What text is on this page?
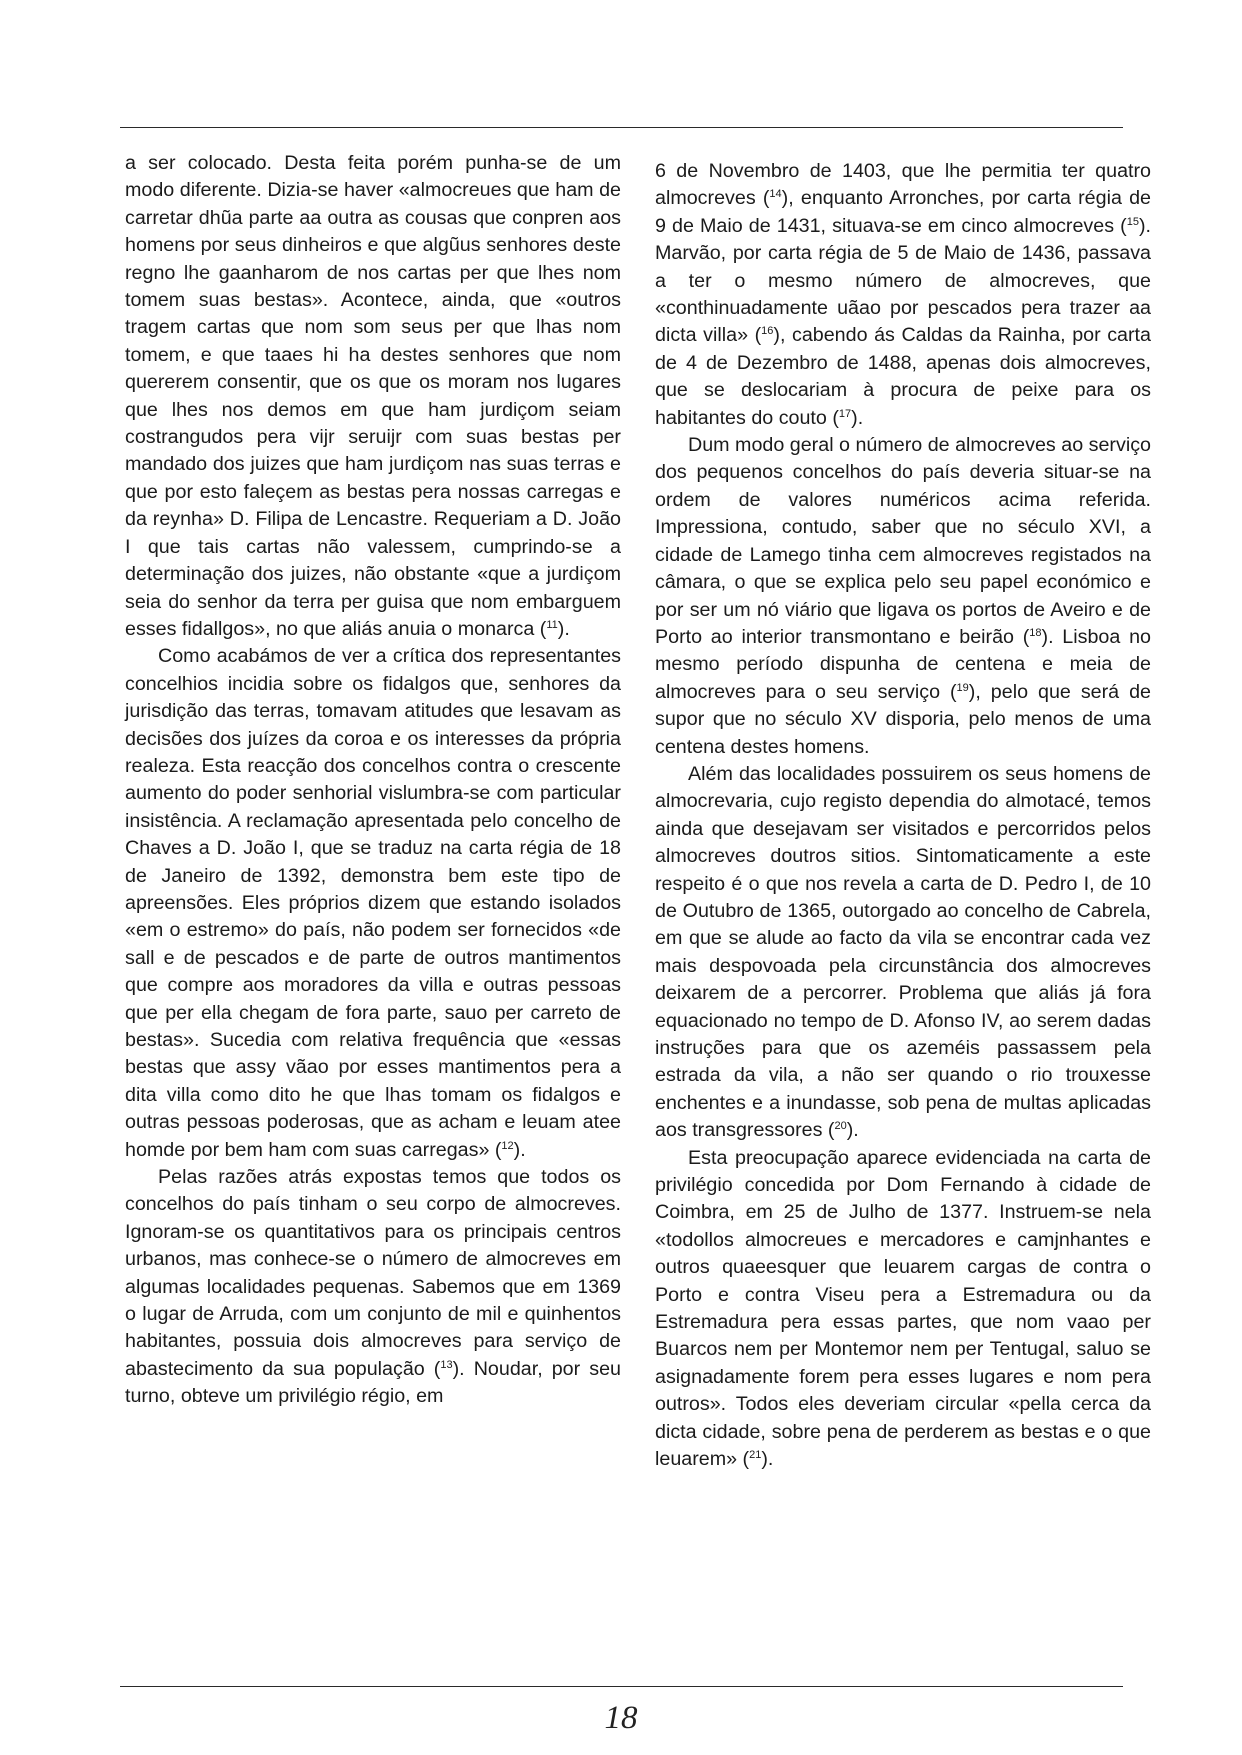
a ser colocado. Desta feita porém punha-se de um modo diferente. Dizia-se haver «almocreues que ham de carretar dhũa parte aa outra as cousas que conpren aos homens por seus dinheiros e que algũus senhores deste regno lhe gaanharom de nos cartas per que lhes nom tomem suas bestas». Acontece, ainda, que «outros tragem cartas que nom som seus per que lhas nom tomem, e que taaes hi ha destes senhores que nom quererem consentir, que os que os moram nos lugares que lhes nos demos em que ham jurdiçom seiam costrangudos pera vijr seruijr com suas bestas per mandado dos juizes que ham jurdiçom nas suas terras e que por esto faleçem as bestas pera nossas carregas e da reynha» D. Filipa de Lencastre. Requeriam a D. João I que tais cartas não valessem, cumprindo-se a determinação dos juizes, não obstante «que a jurdiçom seia do senhor da terra per guisa que nom embarguem esses fidallgos», no que aliás anuia o monarca ($^{11}$).

Como acabámos de ver a crítica dos representantes concelhios incidia sobre os fidalgos que, senhores da jurisdição das terras, tomavam atitudes que lesavam as decisões dos juízes da coroa e os interesses da própria realeza. Esta reacção dos concelhos contra o crescente aumento do poder senhorial vislumbra-se com particular insistência. A reclamação apresentada pelo concelho de Chaves a D. João I, que se traduz na carta régia de 18 de Janeiro de 1392, demonstra bem este tipo de apreensões. Eles próprios dizem que estando isolados «em o estremo» do país, não podem ser fornecidos «de sall e de pescados e de parte de outros mantimentos que compre aos moradores da villa e outras pessoas que per ella chegam de fora parte, sauo per carreto de bestas». Sucedia com relativa frequência que «essas bestas que assy vãao por esses mantimentos pera a dita villa como dito he que lhas tomam os fidalgos e outras pessoas poderosas, que as acham e leuam atee homde por bem ham com suas carregas» ($^{12}$).

Pelas razões atrás expostas temos que todos os concelhos do país tinham o seu corpo de almocreves. Ignoram-se os quantitativos para os principais centros urbanos, mas conhece-se o número de almocreves em algumas localidades pequenas. Sabemos que em 1369 o lugar de Arruda, com um conjunto de mil e quinhentos habitantes, possuia dois almocreves para serviço de abastecimento da sua população ($^{13}$). Noudar, por seu turno, obteve um privilégio régio, em

6 de Novembro de 1403, que lhe permitia ter quatro almocreves ($^{14}$), enquanto Arronches, por carta régia de 9 de Maio de 1431, situava-se em cinco almocreves ($^{15}$). Marvão, por carta régia de 5 de Maio de 1436, passava a ter o mesmo número de almocreves, que «conthinuadamente uãao por pescados pera trazer aa dicta villa» ($^{16}$), cabendo ás Caldas da Rainha, por carta de 4 de Dezembro de 1488, apenas dois almocreves, que se deslocariam à procura de peixe para os habitantes do couto ($^{17}$).

Dum modo geral o número de almocreves ao serviço dos pequenos concelhos do país deveria situar-se na ordem de valores numéricos acima referida. Impressiona, contudo, saber que no século XVI, a cidade de Lamego tinha cem almocreves registados na câmara, o que se explica pelo seu papel económico e por ser um nó viário que ligava os portos de Aveiro e de Porto ao interior transmontano e beirão ($^{18}$). Lisboa no mesmo período dispunha de centena e meia de almocreves para o seu serviço ($^{19}$), pelo que será de supor que no século XV disporia, pelo menos de uma centena destes homens.

Além das localidades possuirem os seus homens de almocrevaria, cujo registo dependia do almotacé, temos ainda que desejavam ser visitados e percorridos pelos almocreves doutros sitios. Sintomaticamente a este respeito é o que nos revela a carta de D. Pedro I, de 10 de Outubro de 1365, outorgado ao concelho de Cabrela, em que se alude ao facto da vila se encontrar cada vez mais despovoada pela circunstância dos almocreves deixarem de a percorrer. Problema que aliás já fora equacionado no tempo de D. Afonso IV, ao serem dadas instruções para que os azeméis passassem pela estrada da vila, a não ser quando o rio trouxesse enchentes e a inundasse, sob pena de multas aplicadas aos transgressores ($^{20}$).

Esta preocupação aparece evidenciada na carta de privilégio concedida por Dom Fernando à cidade de Coimbra, em 25 de Julho de 1377. Instruem-se nela «todollos almocreues e mercadores e camjnhantes e outros quaeesquer que leuarem cargas de contra o Porto e contra Viseu pera a Estremadura ou da Estremadura pera essas partes, que nom vaao per Buarcos nem per Montemor nem per Tentugal, saluo se asignadamente forem pera esses lugares e nom pera outros». Todos eles deveriam circular «pella cerca da dicta cidade, sobre pena de perderem as bestas e o que leuarem» ($^{21}$).

18
